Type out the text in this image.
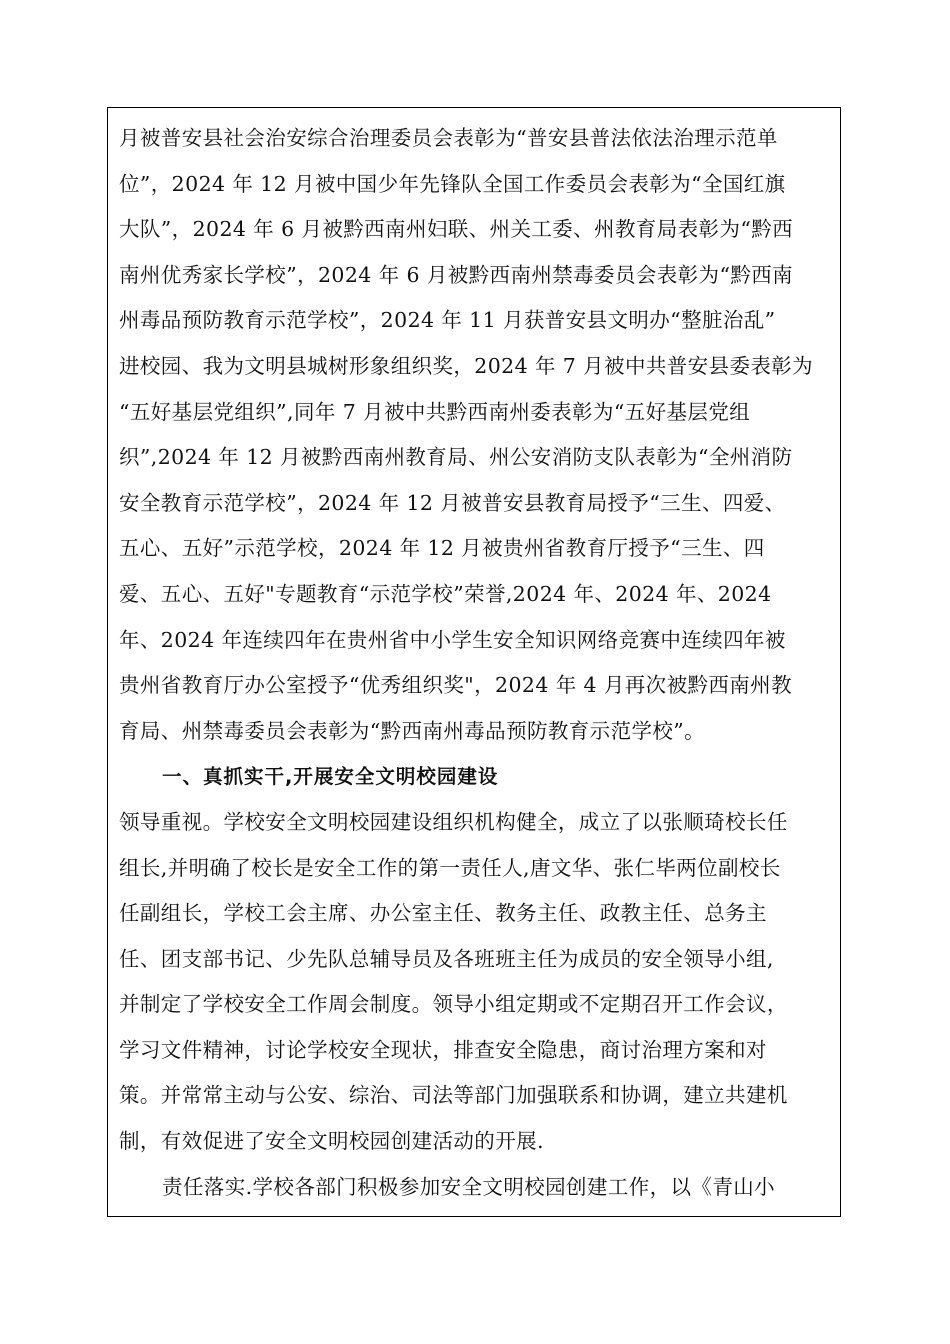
月被普安县社会治安综合治理委员会表彰为“普安县普法依法治理示范单
位”，2024 年 12 月被中国少年先锋队全国工作委员会表彰为“全国红旗
大队”，2024 年 6 月被黔西南州妇联、州关工委、州教育局表彰为“黔西
南州优秀家长学校”，2024 年 6 月被黔西南州禁毒委员会表彰为“黔西南
州毒品预防教育示范学校”，2024 年 11 月获普安县文明办“整脏治乱”
进校园、我为文明县城树形象组织奖，2024 年 7 月被中共普安县委表彰为
“五好基层党组织”,同年 7 月被中共黔西南州委表彰为“五好基层党组
织”,2024 年 12 月被黔西南州教育局、州公安消防支队表彰为“全州消防
安全教育示范学校”，2024 年 12 月被普安县教育局授予“三生、四爱、
五心、五好”示范学校，2024 年 12 月被贵州省教育厅授予“三生、四
爱、五心、五好"专题教育“示范学校”荣誉,2024 年、2024 年、2024
年、2024 年连续四年在贵州省中小学生安全知识网络竞赛中连续四年被
贵州省教育厅办公室授予“优秀组织奖"，2024 年 4 月再次被黔西南州教
育局、州禁毒委员会表彰为“黔西南州毒品预防教育示范学校”。
一、真抓实干,开展安全文明校园建设
领导重视。学校安全文明校园建设组织机构健全，成立了以张顺琦校长任
组长,并明确了校长是安全工作的第一责任人,唐文华、张仁毕两位副校长
任副组长，学校工会主席、办公室主任、教务主任、政教主任、总务主
任、团支部书记、少先队总辅导员及各班班主任为成员的安全领导小组,
并制定了学校安全工作周会制度。领导小组定期或不定期召开工作会议，
学习文件精神，讨论学校安全现状，排查安全隐患，商讨治理方案和对
策。并常常主动与公安、综治、司法等部门加强联系和协调，建立共建机
制，有效促进了安全文明校园创建活动的开展.
责任落实.学校各部门积极参加安全文明校园创建工作，以《青山小
